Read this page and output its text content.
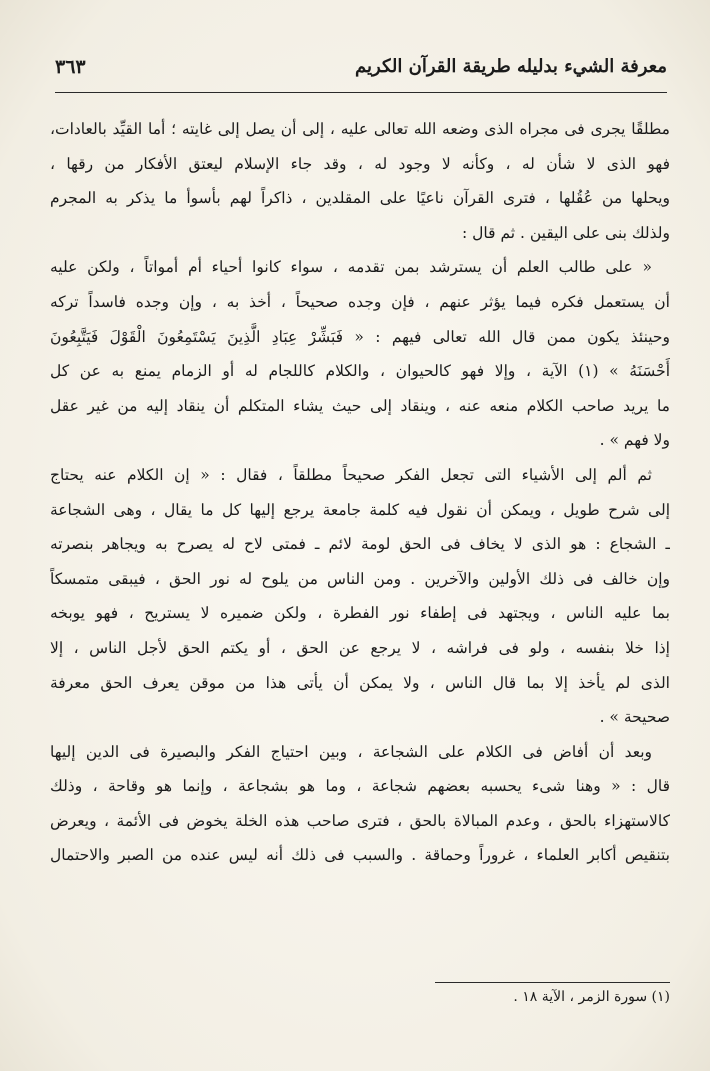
معرفة الشيء بدليله طريقة القرآن الكريم
٣٦٣
مطلقًا يجرى فى مجراه الذى وضعه الله تعالى عليه ، إلى أن يصل إلى غايته ؛ أما القيِّد بالعادات،
فهو الذى لا شأن له ، وكأنه لا وجود له ، وقد جاء الإسلام ليعتق الأفكار من رقها ،
ويحلها من عُقُلها ، فترى القرآن ناعيًا على المقلدين ، ذاكراً لهم بأسوأ ما يذكر به المجرم
ولذلك بنى على اليقين . ثم قال :
« على طالب العلم أن يسترشد بمن تقدمه ، سواء كانوا أحياء أم أمواتاً ، ولكن عليه
أن يستعمل فكره فيما يؤثر عنهم ، فإن وجده صحيحاً ، أخذ به ، وإن وجده فاسداً تركه
وحينئذ يكون ممن قال الله تعالى فيهم : « فَبَشِّرْ عِبَادِ الَّذِينَ يَسْتَمِعُونَ الْقَوْلَ فَيَتَّبِعُونَ
أَحْسَنَهُ » (١) الآية ، وإلا فهو كالحيوان ، والكلام كاللجام له أو الزمام يمنع به عن كل
ما يريد صاحب الكلام منعه عنه ، وينقاد إلى حيث يشاء المتكلم أن ينقاد إليه من غير عقل
ولا فهم » .
ثم ألم إلى الأشياء التى تجعل الفكر صحيحاً مطلقاً ، فقال : « إن الكلام عنه يحتاج
إلى شرح طويل ، ويمكن أن نقول فيه كلمة جامعة يرجع إليها كل ما يقال ، وهى الشجاعة
ـ الشجاع : هو الذى لا يخاف فى الحق لومة لائم ـ فمتى لاح له يصرح به ويجاهر بنصرته
وإن خالف فى ذلك الأولين والآخرين . ومن الناس من يلوح له نور الحق ، فيبقى متمسكاً
بما عليه الناس ، ويجتهد فى إطفاء نور الفطرة ، ولكن ضميره لا يستريح ، فهو يوبخه
إذا خلا بنفسه ، ولو فى فراشه ، لا يرجع عن الحق ، أو يكتم الحق لأجل الناس ، إلا
الذى لم يأخذ إلا بما قال الناس ، ولا يمكن أن يأتى هذا من موقن يعرف الحق معرفة
صحيحة » .
وبعد أن أفاض فى الكلام على الشجاعة ، وبين احتياج الفكر والبصيرة فى الدين إليها
قال : « وهنا شىء يحسبه بعضهم شجاعة ، وما هو بشجاعة ، وإنما هو وقاحة ، وذلك
كالاستهزاء بالحق ، وعدم المبالاة بالحق ، فترى صاحب هذه الخلة يخوض فى الأئمة ، ويعرض
بتنقيص أكابر العلماء ، غروراً وحماقة . والسبب فى ذلك أنه ليس عنده من الصبر والاحتمال
(١) سورة الزمر ، الآية ١٨ .
